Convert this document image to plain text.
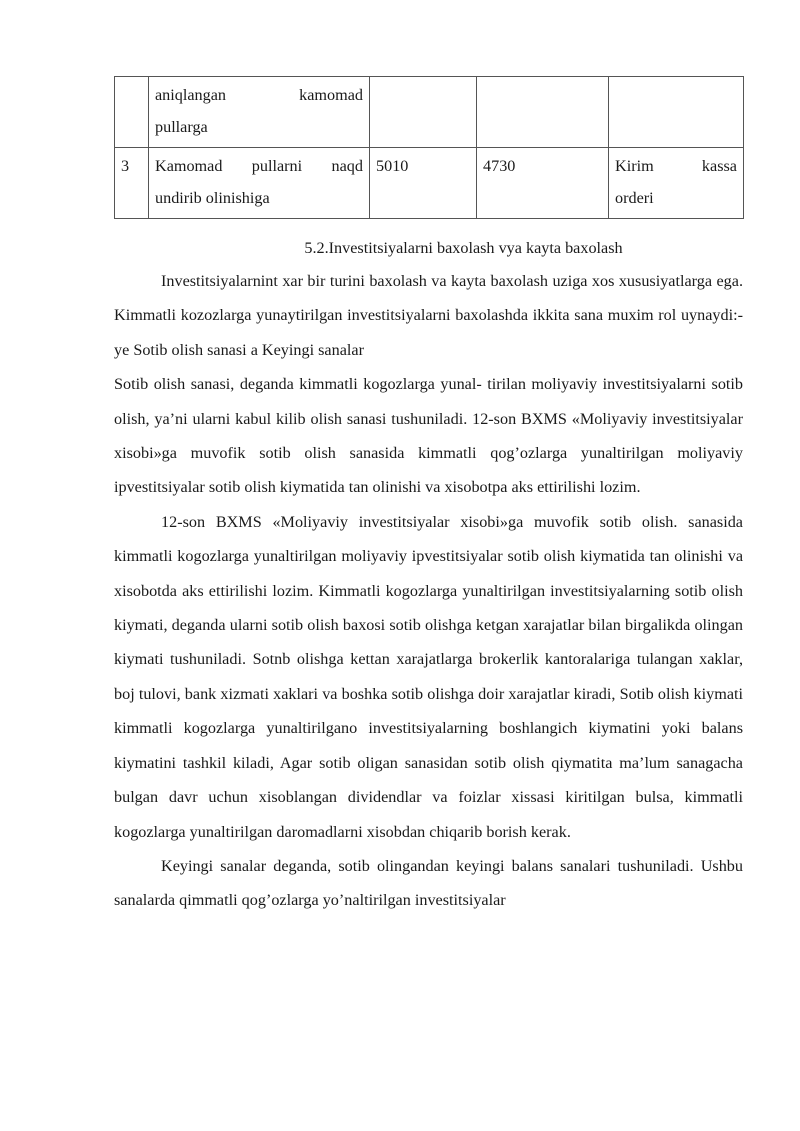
	aniqlangan kamomad
pullarga			

3	Kamomad pullarni naqd
undirib olinishiga	5010	4730	Kirim kassa
orderi
5.2.Investitsiyalarni baxolash vya kayta baxolash

Investitsiyalarnint xar bir turini baxolash va kayta baxolash uziga xos xususiyatlarga ega. Kimmatli kozozlarga yunaytirilgan investitsiyalarni baxolashda ikkita sana muxim rol uynaydi:-ye Sotib olish sanasi a Keyingi sanalar

Sotib olish sanasi, deganda kimmatli kogozlarga yunal- tirilan moliyaviy investitsiyalarni sotib olish, ya’ni ularni kabul kilib olish sanasi tushuniladi. 12-son BXMS «Moliyaviy investitsiyalar xisobi»ga muvofik sotib olish sanasida kimmatli qog’ozlarga yunaltirilgan moliyaviy ipvestitsiyalar sotib olish kiymatida tan olinishi va xisobotpa aks ettirilishi lozim.

12-son BXMS «Moliyaviy investitsiyalar xisobi»ga muvofik sotib olish. sanasida kimmatli kogozlarga yunaltirilgan moliyaviy ipvestitsiyalar sotib olish kiymatida tan olinishi va xisobotda aks ettirilishi lozim. Kimmatli kogozlarga yunaltirilgan investitsiyalarning sotib olish kiymati, deganda ularni sotib olish baxosi sotib olishga ketgan xarajatlar bilan birgalikda olingan kiymati tushuniladi. Sotnb olishga kettan xarajatlarga brokerlik kantoralariga tulangan xaklar, boj tulovi, bank xizmati xaklari va boshka sotib olishga doir xarajatlar kiradi, Sotib olish kiymati kimmatli kogozlarga yunaltirilgano investitsiyalarning boshlangich kiymatini yoki balans kiymatini tashkil kiladi, Agar sotib oligan sanasidan sotib olish qiymatita ma’lum sanagacha bulgan davr uchun xisoblangan dividendlar va foizlar xissasi kiritilgan bulsa, kimmatli kogozlarga yunaltirilgan daromadlarni xisobdan chiqarib borish kerak.

Keyingi sanalar deganda, sotib olingandan keyingi balans sanalari tushuniladi. Ushbu sanalarda qimmatli qog’ozlarga yo’naltirilgan investitsiyalar
